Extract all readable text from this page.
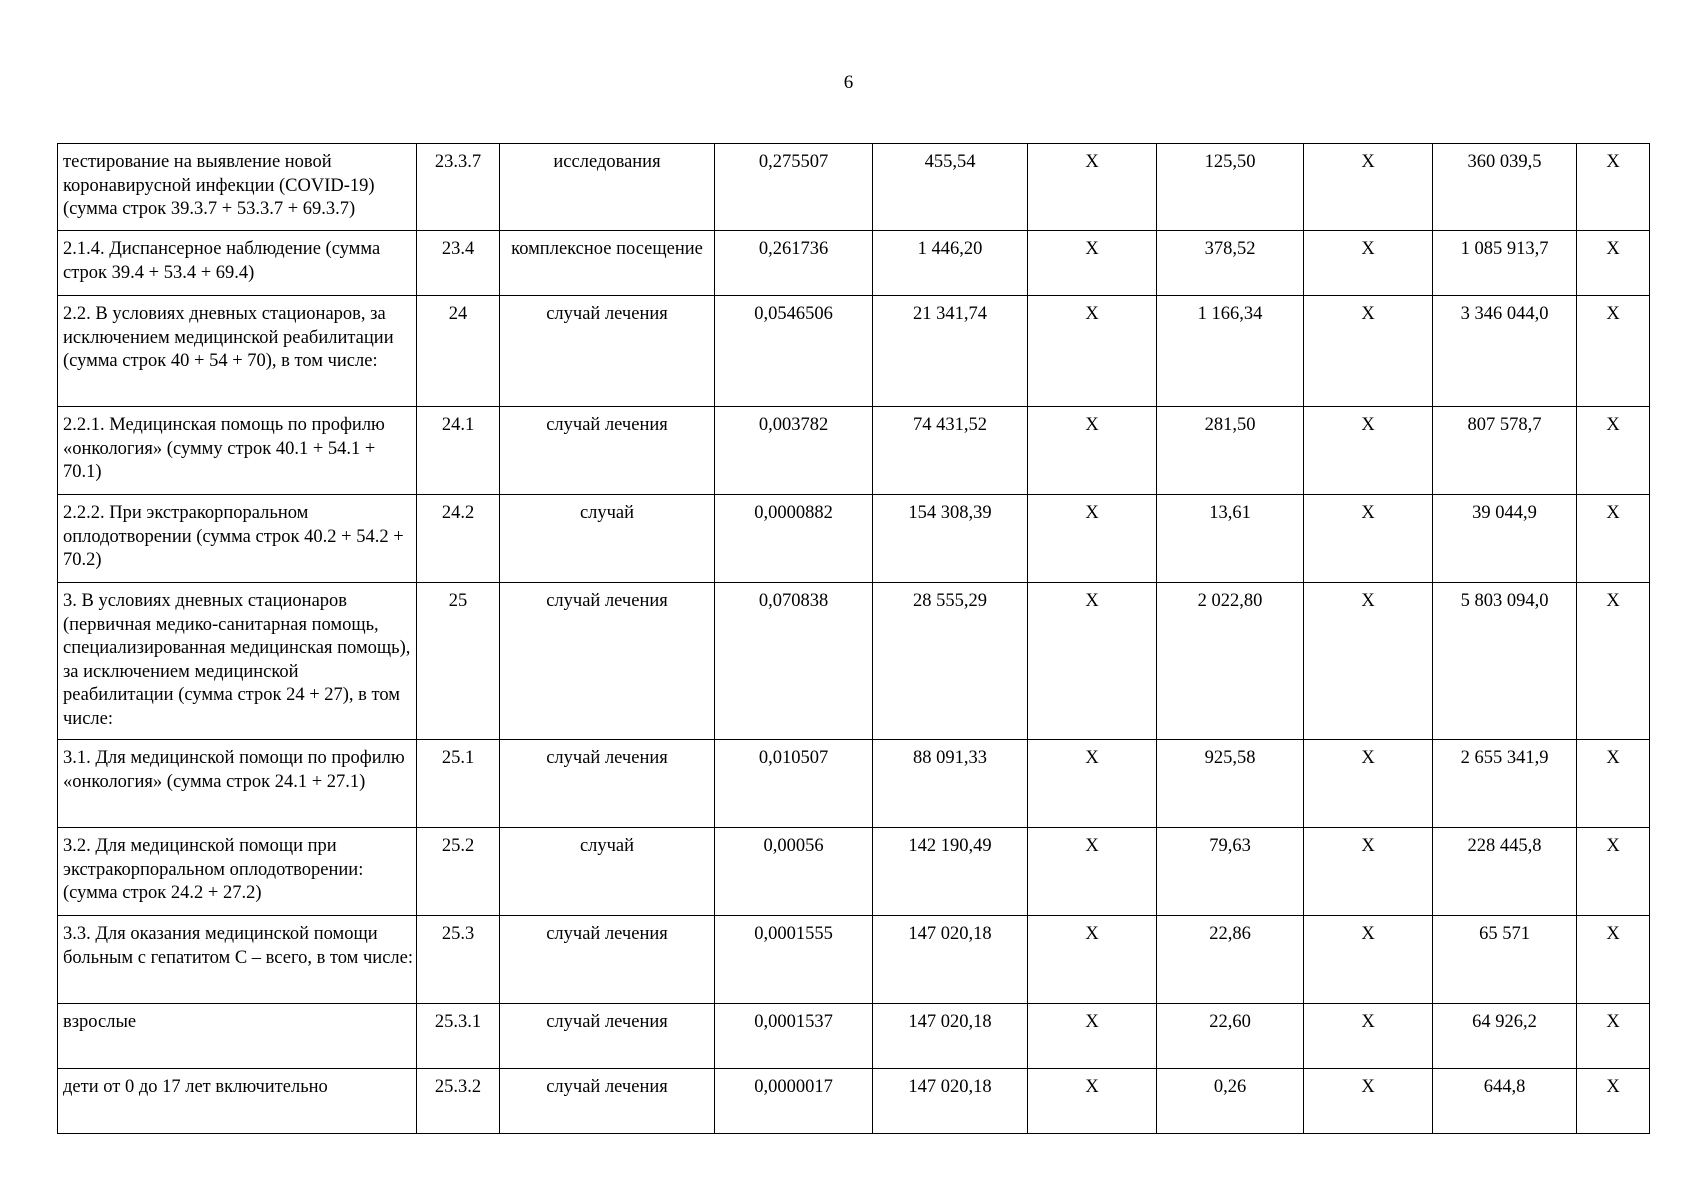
6
тестирование на выявление новой коронавирусной инфекции (COVID-19) (сумма строк 39.3.7 + 53.3.7 + 69.3.7)	23.3.7	исследования	0,275507	455,54	Х	125,50	Х	360 039,5	Х
2.1.4. Диспансерное наблюдение (сумма строк 39.4 + 53.4 + 69.4)	23.4	комплексное посещение	0,261736	1 446,20	Х	378,52	Х	1 085 913,7	Х
2.2. В условиях дневных стационаров, за исключением медицинской реабилитации (сумма строк 40 + 54 + 70), в том числе:	24	случай лечения	0,0546506	21 341,74	Х	1 166,34	Х	3 346 044,0	Х
2.2.1. Медицинская помощь по профилю «онкология» (сумму строк 40.1 + 54.1 + 70.1)	24.1	случай лечения	0,003782	74 431,52	Х	281,50	Х	807 578,7	Х
2.2.2. При экстракорпоральном оплодотворении (сумма строк 40.2 + 54.2 + 70.2)	24.2	случай	0,0000882	154 308,39	Х	13,61	Х	39 044,9	Х
3. В условиях дневных стационаров (первичная медико-санитарная помощь, специализированная медицинская помощь), за исключением медицинской реабилитации (сумма строк 24 + 27), в том числе:	25	случай лечения	0,070838	28 555,29	Х	2 022,80	Х	5 803 094,0	Х
3.1. Для медицинской помощи по профилю «онкология» (сумма строк 24.1 + 27.1)	25.1	случай лечения	0,010507	88 091,33	Х	925,58	Х	2 655 341,9	Х
3.2. Для медицинской помощи при экстракорпоральном оплодотворении: (сумма строк 24.2 + 27.2)	25.2	случай	0,00056	142 190,49	Х	79,63	Х	228 445,8	Х
3.3. Для оказания медицинской помощи больным с гепатитом С – всего, в том числе:	25.3	случай лечения	0,0001555	147 020,18	Х	22,86	Х	65 571	Х
взрослые	25.3.1	случай лечения	0,0001537	147 020,18	Х	22,60	Х	64 926,2	Х
дети от 0 до 17 лет включительно	25.3.2	случай лечения	0,0000017	147 020,18	Х	0,26	Х	644,8	Х
